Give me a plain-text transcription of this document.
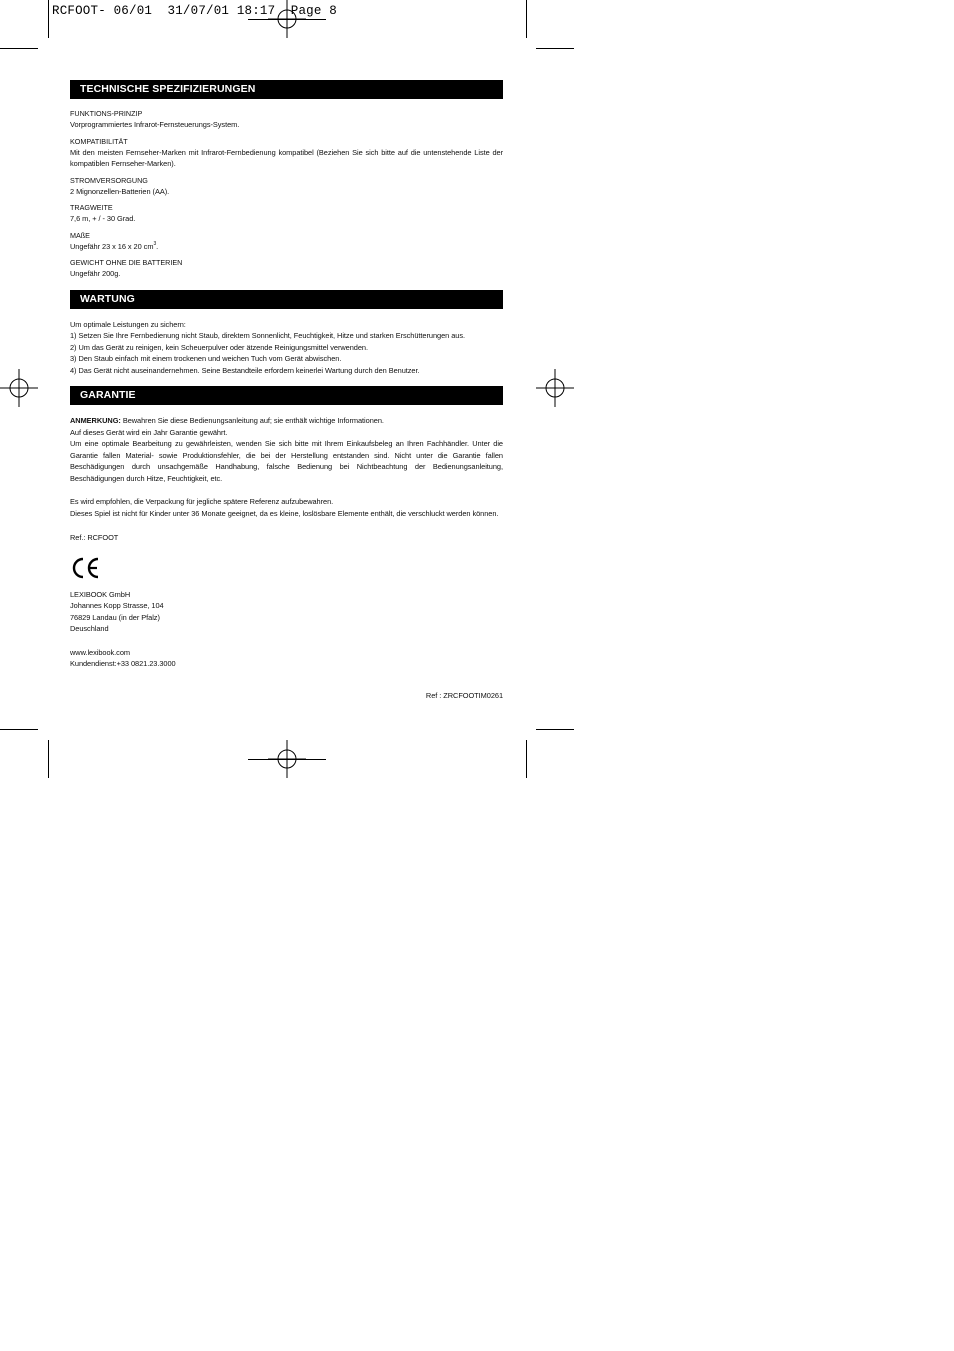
RCFOOT- 06/01  31/07/01 18:17  Page 8
TECHNISCHE SPEZIFIZIERUNGEN
FUNKTIONS-PRINZIP
Vorprogrammiertes Infrarot-Fernsteuerungs-System.
KOMPATIBILITÄT
Mit den meisten Fernseher-Marken mit Infrarot-Fernbedienung kompatibel (Beziehen Sie sich bitte auf die untenstehende Liste der kompatiblen Fernseher-Marken).
STROMVERSORGUNG
2 Mignonzellen-Batterien (AA).
TRAGWEITE
7,6 m, + / - 30 Grad.
MAßE
Ungefähr 23 x 16 x 20 $cm^3$.
GEWICHT OHNE DIE BATTERIEN
Ungefähr 200g.
WARTUNG
Um optimale Leistungen zu sichern:
1) Setzen Sie Ihre Fernbedienung nicht Staub, direktem Sonnenlicht, Feuchtigkeit, Hitze und starken Erschütterungen aus.
2) Um das Gerät zu reinigen, kein Scheuerpulver oder ätzende Reinigungsmittel verwenden.
3) Den Staub einfach mit einem trockenen und weichen Tuch vom Gerät abwischen.
4) Das Gerät nicht auseinandernehmen. Seine Bestandteile erfordern keinerlei Wartung durch den Benutzer.
GARANTIE
ANMERKUNG: Bewahren Sie diese Bedienungsanleitung auf; sie enthält wichtige Informationen.
Auf dieses Gerät wird ein Jahr Garantie gewährt.
Um eine optimale Bearbeitung zu gewährleisten, wenden Sie sich bitte mit Ihrem Einkaufsbeleg an Ihren Fachhändler. Unter die Garantie fallen Material- sowie Produktionsfehler, die bei der Herstellung entstanden sind. Nicht unter die Garantie fallen Beschädigungen durch unsachgemäße Handhabung, falsche Bedienung bei Nichtbeachtung der Bedienungsanleitung, Beschädigungen durch Hitze, Feuchtigkeit, etc.
Es wird empfohlen, die Verpackung für jegliche spätere Referenz aufzubewahren.
Dieses Spiel ist nicht für Kinder unter 36 Monate geeignet, da es kleine, loslösbare Elemente enthält, die verschluckt werden können.
Ref.: RCFOOT
LEXIBOOK GmbH
Johannes Kopp Strasse, 104
76829 Landau (in der Pfalz)
Deuschland
www.lexibook.com
Kundendienst:+33 0821.23.3000
Ref : ZRCFOOTIM0261
